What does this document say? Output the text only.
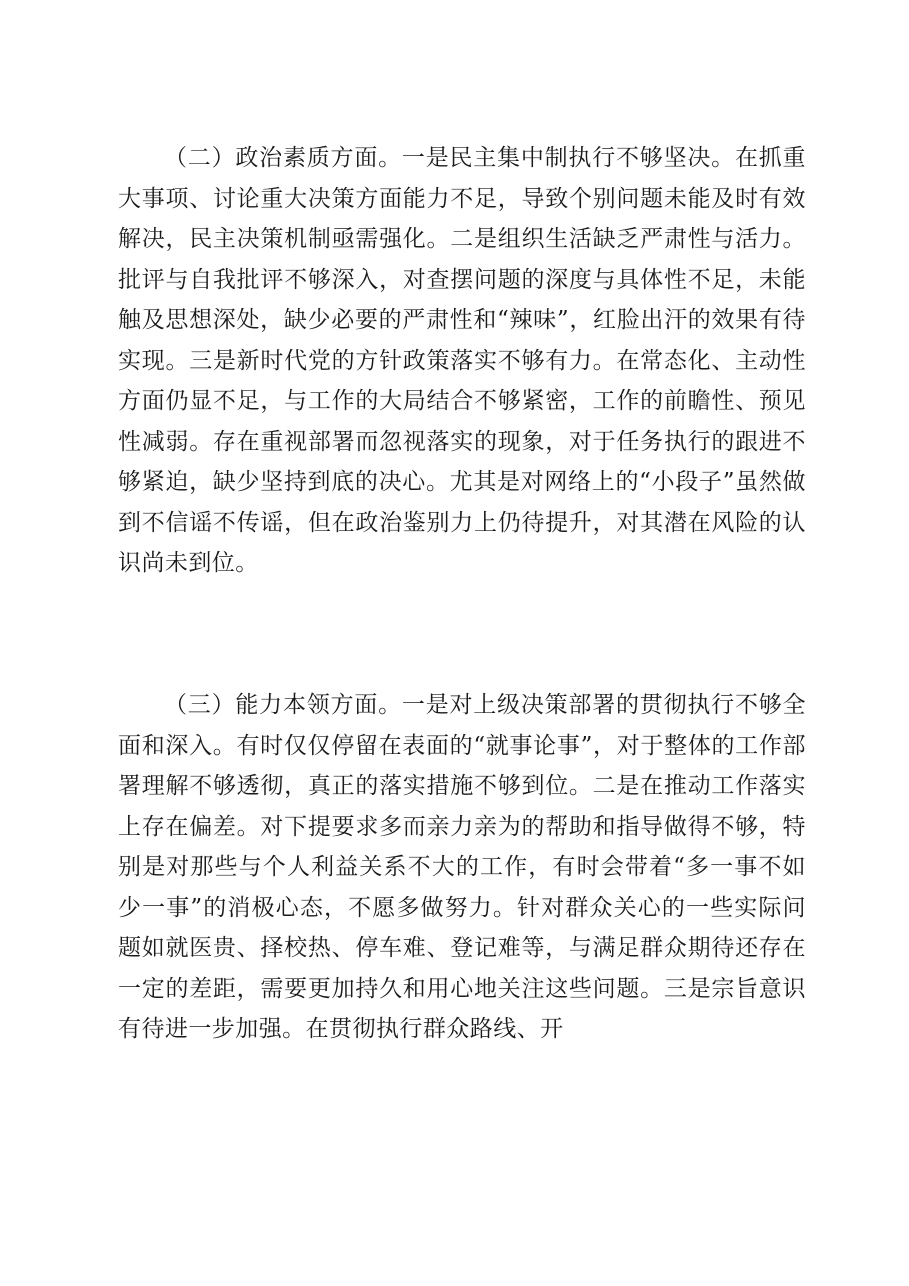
（二）政治素质方面。一是民主集中制执行不够坚决。在抓重大事项、讨论重大决策方面能力不足，导致个别问题未能及时有效解决，民主决策机制亟需强化。二是组织生活缺乏严肃性与活力。批评与自我批评不够深入，对查摆问题的深度与具体性不足，未能触及思想深处，缺少必要的严肃性和“辣味”，红脸出汗的效果有待实现。三是新时代党的方针政策落实不够有力。在常态化、主动性方面仍显不足，与工作的大局结合不够紧密，工作的前瞻性、预见性减弱。存在重视部署而忽视落实的现象，对于任务执行的跟进不够紧迫，缺少坚持到底的决心。尤其是对网络上的“小段子”虽然做到不信谣不传谣，但在政治鉴别力上仍待提升，对其潜在风险的认识尚未到位。

（三）能力本领方面。一是对上级决策部署的贯彻执行不够全面和深入。有时仅仅停留在表面的“就事论事”，对于整体的工作部署理解不够透彻，真正的落实措施不够到位。二是在推动工作落实上存在偏差。对下提要求多而亲力亲为的帮助和指导做得不够，特别是对那些与个人利益关系不大的工作，有时会带着“多一事不如少一事”的消极心态，不愿多做努力。针对群众关心的一些实际问题如就医贵、择校热、停车难、登记难等，与满足群众期待还存在一定的差距，需要更加持久和用心地关注这些问题。三是宗旨意识有待进一步加强。在贯彻执行群众路线、开
